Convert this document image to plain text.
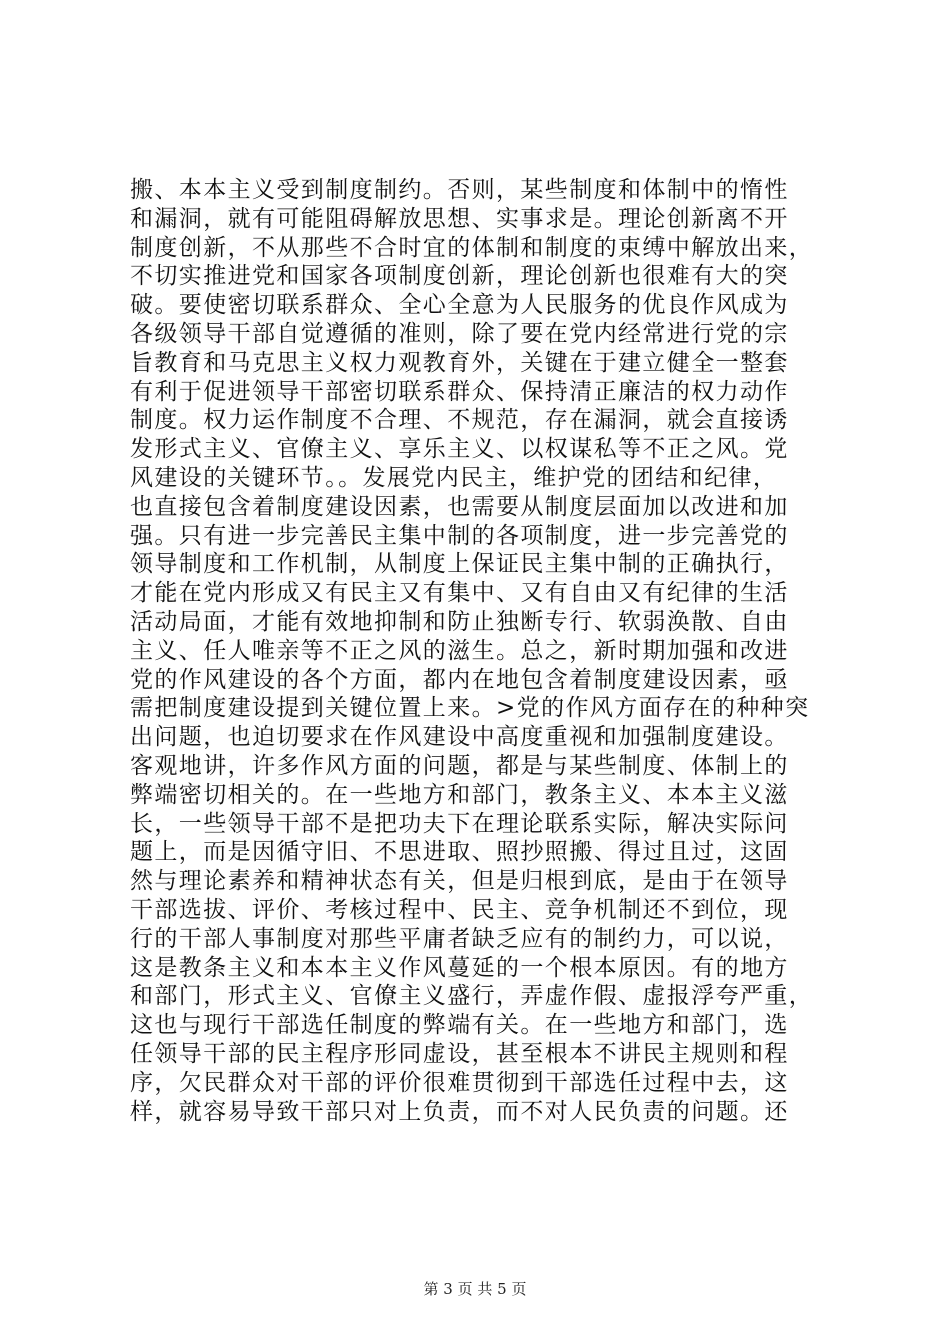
搬、本本主义受到制度制约。否则，某些制度和体制中的惰性
和漏洞，就有可能阻碍解放思想、实事求是。理论创新离不开
制度创新，不从那些不合时宜的体制和制度的束缚中解放出来，
不切实推进党和国家各项制度创新，理论创新也很难有大的突
破。要使密切联系群众、全心全意为人民服务的优良作风成为
各级领导干部自觉遵循的准则，除了要在党内经常进行党的宗
旨教育和马克思主义权力观教育外，关键在于建立健全一整套
有利于促进领导干部密切联系群众、保持清正廉洁的权力动作
制度。权力运作制度不合理、不规范，存在漏洞，就会直接诱
发形式主义、官僚主义、享乐主义、以权谋私等不正之风。党
风建设的关键环节。。发展党内民主，维护党的团结和纪律，
也直接包含着制度建设因素，也需要从制度层面加以改进和加
强。只有进一步完善民主集中制的各项制度，进一步完善党的
领导制度和工作机制，从制度上保证民主集中制的正确执行，
才能在党内形成又有民主又有集中、又有自由又有纪律的生活
活动局面，才能有效地抑制和防止独断专行、软弱涣散、自由
主义、任人唯亲等不正之风的滋生。总之，新时期加强和改进
党的作风建设的各个方面，都内在地包含着制度建设因素，亟
需把制度建设提到关键位置上来。>党的作风方面存在的种种突
出问题，也迫切要求在作风建设中高度重视和加强制度建设。
客观地讲，许多作风方面的问题，都是与某些制度、体制上的
弊端密切相关的。在一些地方和部门，教条主义、本本主义滋
长，一些领导干部不是把功夫下在理论联系实际，解决实际问
题上，而是因循守旧、不思进取、照抄照搬、得过且过，这固
然与理论素养和精神状态有关，但是归根到底，是由于在领导
干部选拔、评价、考核过程中、民主、竞争机制还不到位，现
行的干部人事制度对那些平庸者缺乏应有的制约力，可以说，
这是教条主义和本本主义作风蔓延的一个根本原因。有的地方
和部门，形式主义、官僚主义盛行，弄虚作假、虚报浮夸严重，
这也与现行干部选任制度的弊端有关。在一些地方和部门，选
任领导干部的民主程序形同虚设，甚至根本不讲民主规则和程
序，欠民群众对干部的评价很难贯彻到干部选任过程中去，这
样，就容易导致干部只对上负责，而不对人民负责的问题。还
第 3 页 共 5 页
